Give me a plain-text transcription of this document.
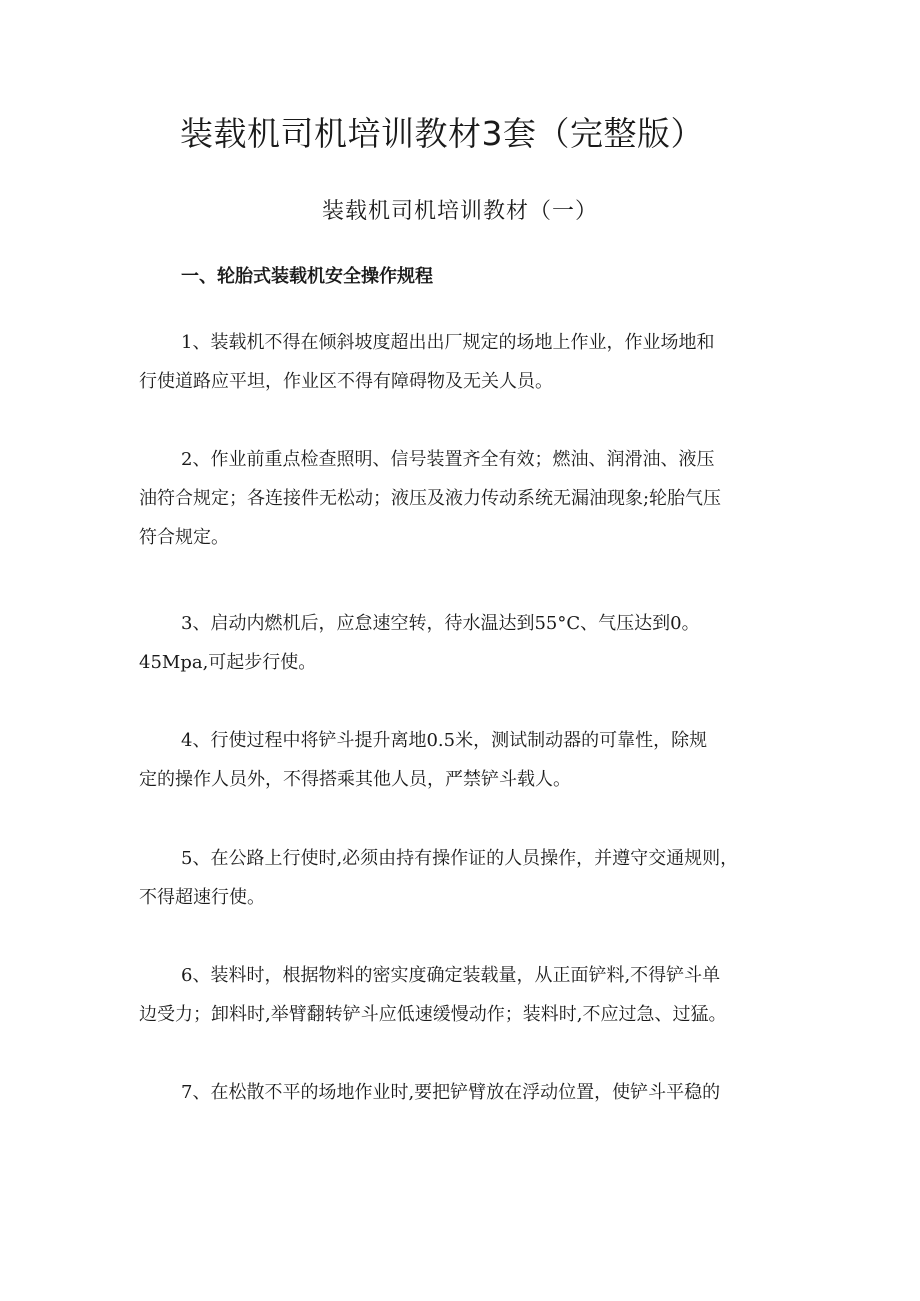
装载机司机培训教材3套（完整版）
装载机司机培训教材（一）
一、轮胎式装载机安全操作规程

1、装载机不得在倾斜坡度超出出厂规定的场地上作业，作业场地和
行使道路应平坦，作业区不得有障碍物及无关人员。

2、作业前重点检查照明、信号装置齐全有效；燃油、润滑油、液压
油符合规定；各连接件无松动；液压及液力传动系统无漏油现象;轮胎气压
符合规定。

3、启动内燃机后，应怠速空转，待水温达到55°C、气压达到0。
45Mpa,可起步行使。

4、行使过程中将铲斗提升离地0.5米，测试制动器的可靠性，除规
定的操作人员外，不得搭乘其他人员，严禁铲斗载人。

5、在公路上行使时,必须由持有操作证的人员操作，并遵守交通规则，
不得超速行使。

6、装料时，根据物料的密实度确定装载量，从正面铲料,不得铲斗单
边受力；卸料时,举臂翻转铲斗应低速缓慢动作；装料时,不应过急、过猛。

7、在松散不平的场地作业时,要把铲臂放在浮动位置，使铲斗平稳的
